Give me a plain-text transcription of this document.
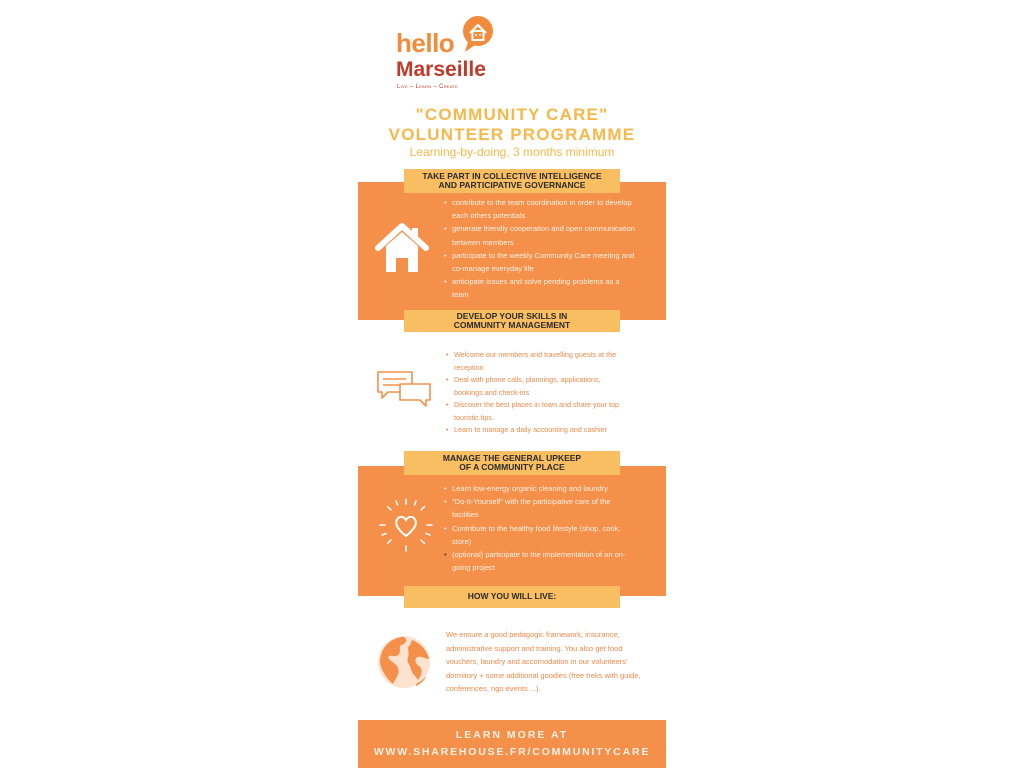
hello
Marseille
Live – Learn – Create
"COMMUNITY CARE"
VOLUNTEER PROGRAMME
Learning-by-doing, 3 months minimum
TAKE PART IN COLLECTIVE INTELLIGENCE
AND PARTICIPATIVE GOVERNANCE
• contribute to the team coordination in order to develop each others potentials
• generate friendly cooperation and open communication between members
• participate to the weekly Community Care meeting and co-manage everyday life
• anticipate issues and solve pending problems as a team
DEVELOP YOUR SKILLS IN
COMMUNITY MANAGEMENT
• Welcome our members and travelling guests at the reception
• Deal with phone calls, plannings, applications, bookings and check-ins
• Discover the best places in town and share your top touristic tips
• Learn to manage a daily accounting and cashier
MANAGE THE GENERAL UPKEEP
OF A COMMUNITY PLACE
• Learn low-energy organic cleaning and laundry
• "Do-It-Yourself" with the participative care of the facilities
• Contribute to the healthy food lifestyle (shop, cook, store)
• (optional) participate to the implementation of an on-going project
HOW YOU WILL LIVE:
We ensure a good pedagogic framework, insurance, administrative support and training. You also get food vouchers, laundry and accomodation in our volunteers' dormitory + some additional goodies (free treks with guide, conferences, ngo events ...).
LEARN MORE AT
WWW.SHAREHOUSE.FR/COMMUNITYCARE
